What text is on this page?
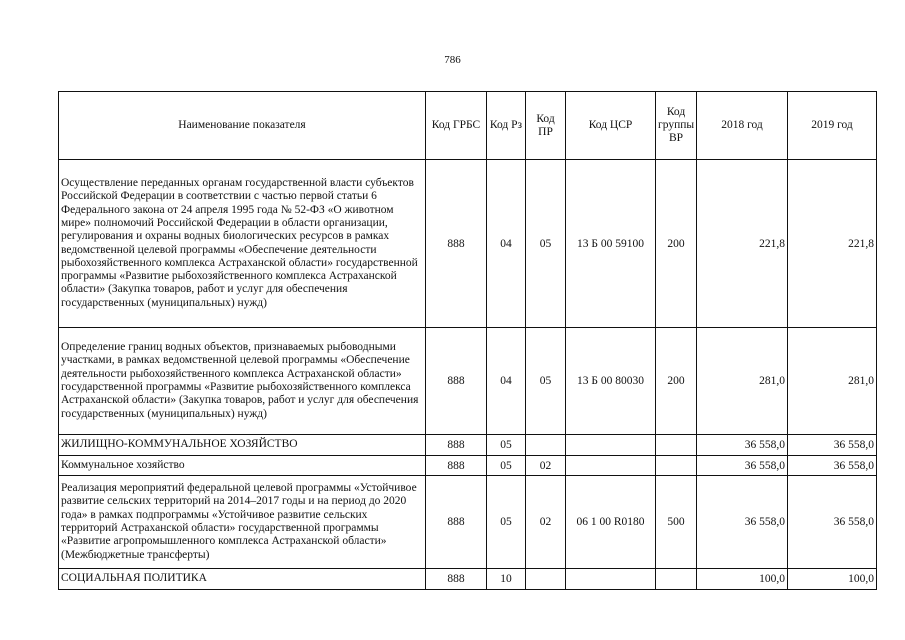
786
Наименование показателя	Код ГРБС	Код Рз	Код ПР	Код ЦСР	Код группы ВР	2018 год	2019 год
Осуществление переданных органам государственной власти субъектов Российской Федерации в соответствии с частью первой статьи 6 Федерального закона от 24 апреля 1995 года № 52-ФЗ «О животном мире» полномочий Российской Федерации в области организации, регулирования и охраны водных биологических ресурсов в рамках ведомственной целевой программы «Обеспечение деятельности рыбохозяйственного комплекса Астраханской области» государственной программы «Развитие рыбохозяйственного комплекса Астраханской области» (Закупка товаров, работ и услуг для обеспечения государственных (муниципальных) нужд)	888	04	05	13 Б 00 59100	200	221,8	221,8
Определение границ водных объектов, признаваемых рыбоводными участками, в рамках ведомственной целевой программы «Обеспечение деятельности рыбохозяйственного комплекса Астраханской области» государственной программы «Развитие рыбохозяйственного комплекса Астраханской области» (Закупка товаров, работ и услуг для обеспечения государственных (муниципальных) нужд)	888	04	05	13 Б 00 80030	200	281,0	281,0
ЖИЛИЩНО-КОММУНАЛЬНОЕ ХОЗЯЙСТВО	888	05				36 558,0	36 558,0
Коммунальное хозяйство	888	05	02			36 558,0	36 558,0
Реализация мероприятий федеральной целевой программы «Устойчивое развитие сельских территорий на 2014–2017 годы и на период до 2020 года» в рамках подпрограммы «Устойчивое развитие сельских территорий Астраханской области» государственной программы «Развитие агропромышленного комплекса Астраханской области» (Межбюджетные трансферты)	888	05	02	06 1 00 R0180	500	36 558,0	36 558,0
СОЦИАЛЬНАЯ ПОЛИТИКА	888	10				100,0	100,0
